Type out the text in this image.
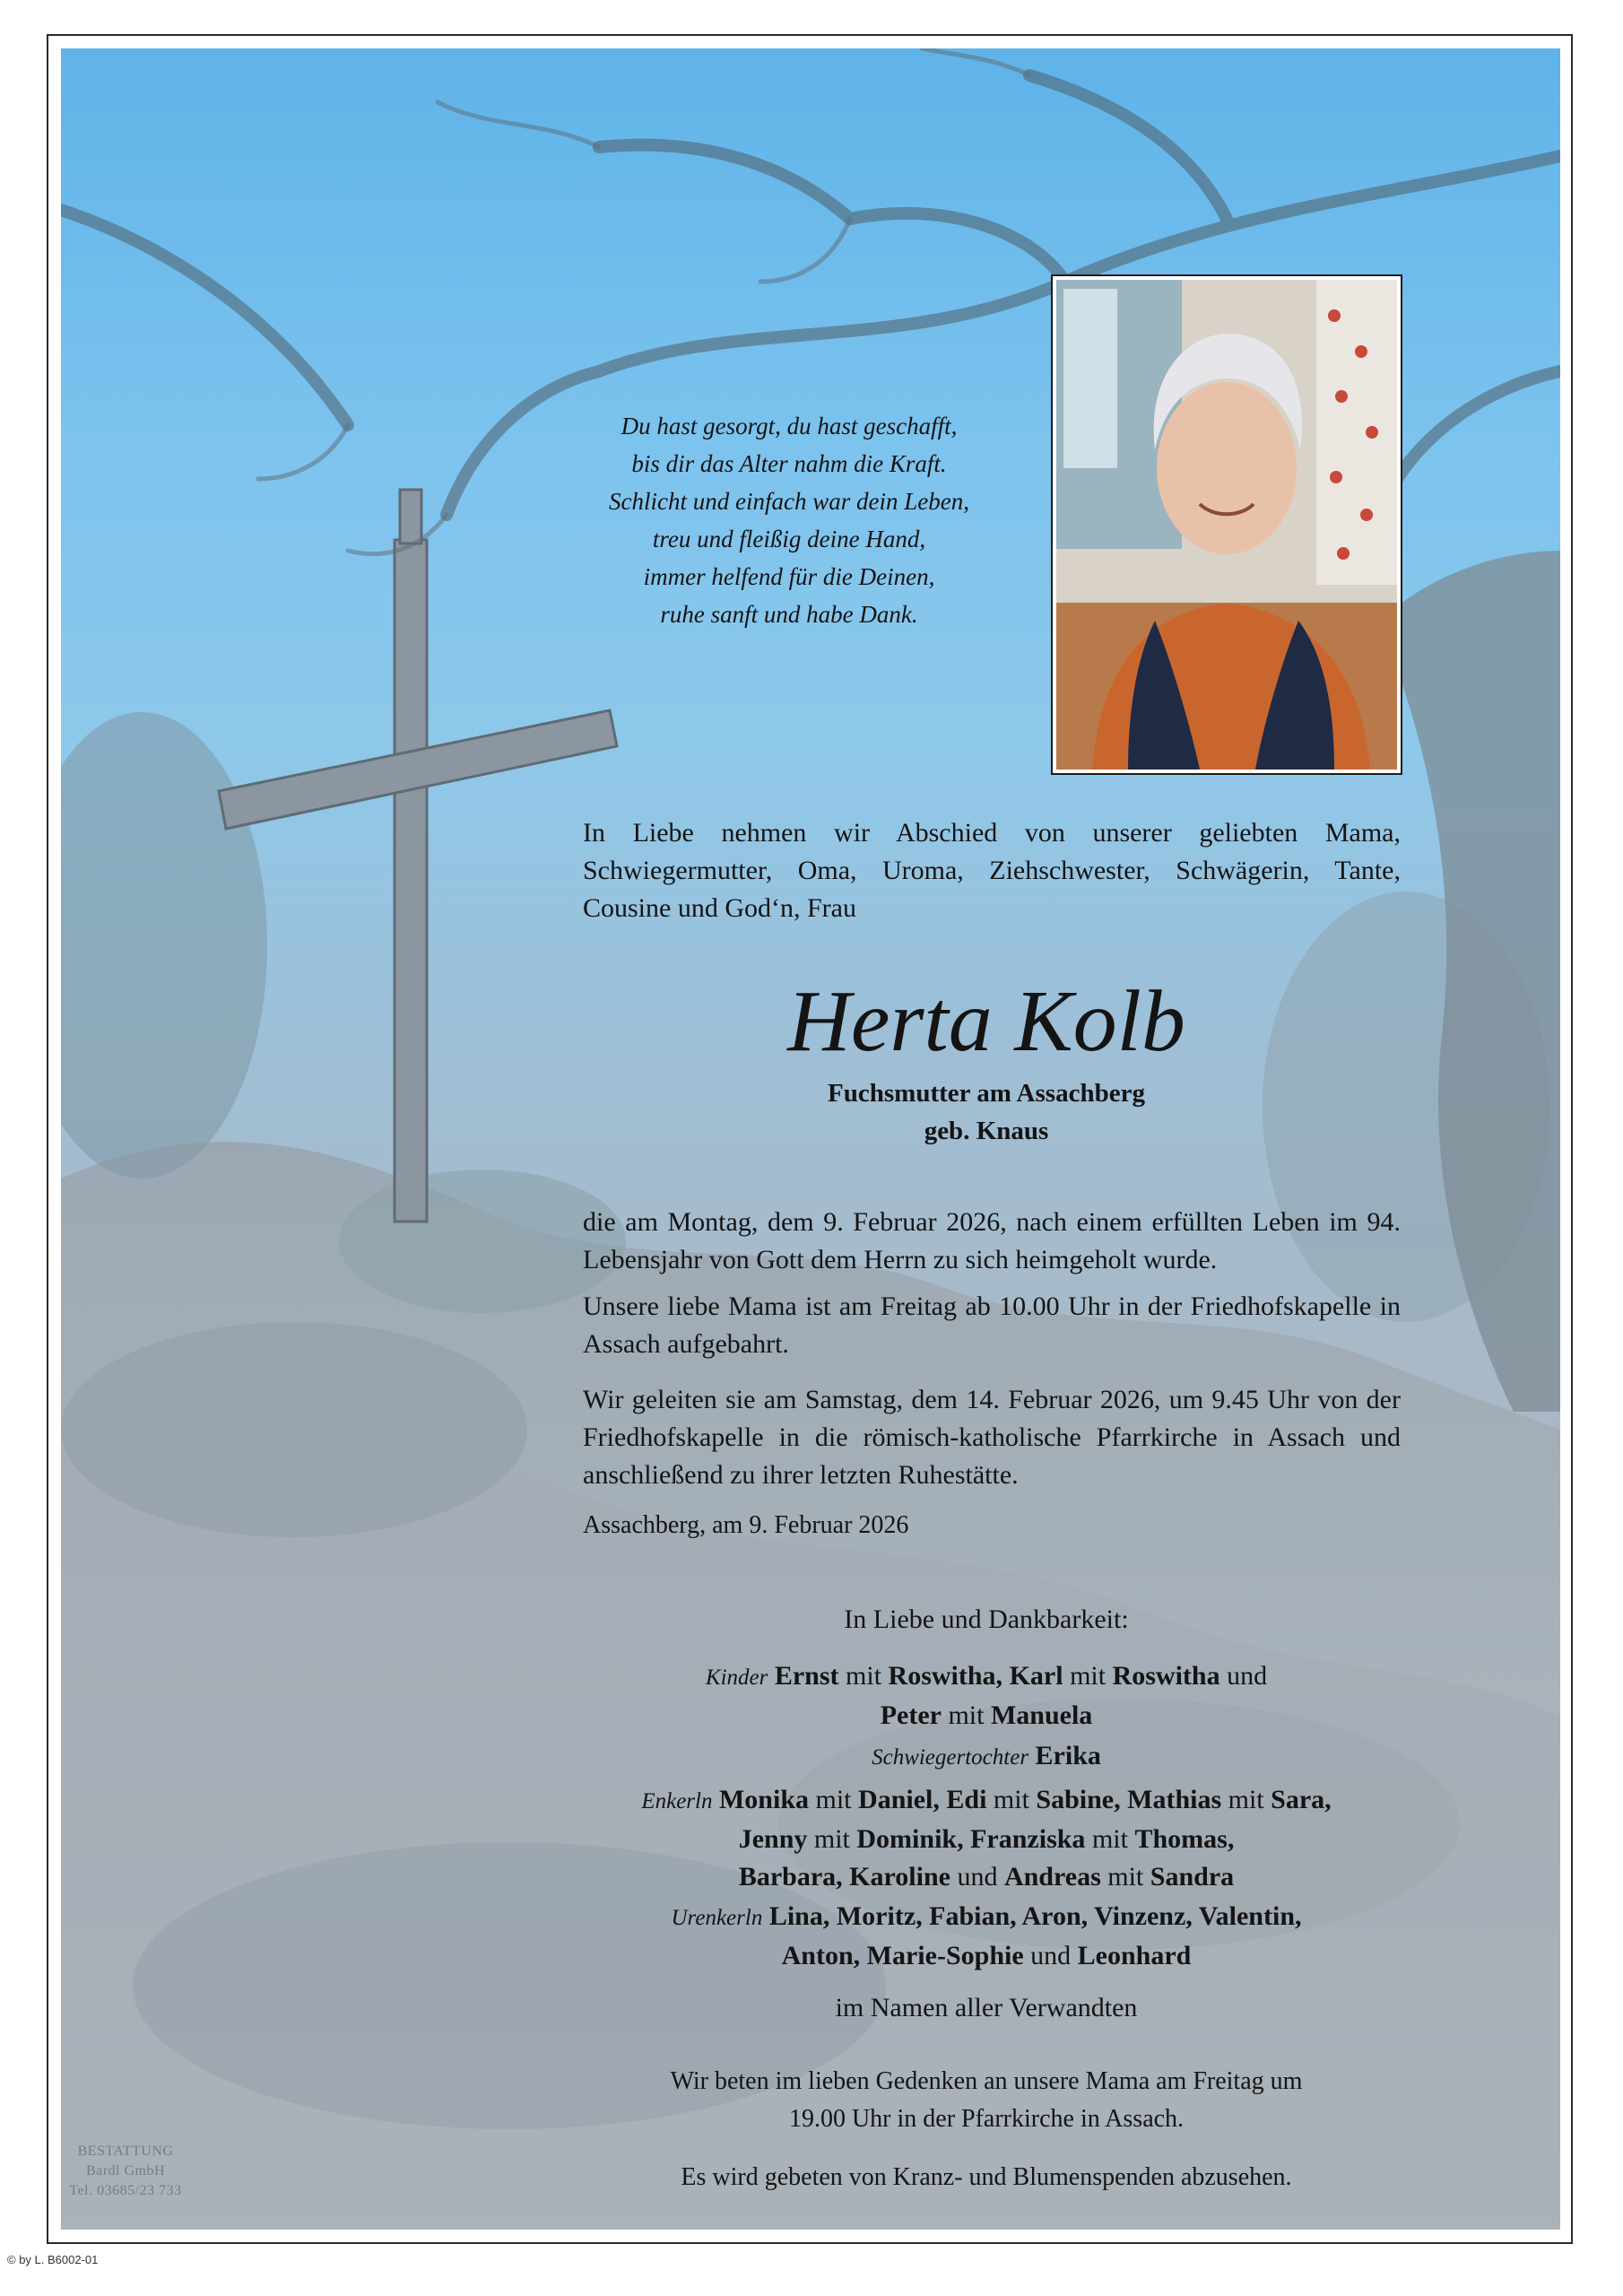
Du hast gesorgt, du hast geschafft,
bis dir das Alter nahm die Kraft.
Schlicht und einfach war dein Leben,
treu und fleißig deine Hand,
immer helfend für die Deinen,
ruhe sanft und habe Dank.
In Liebe nehmen wir Abschied von unserer geliebten Mama, Schwiegermutter, Oma, Uroma, Ziehschwester, Schwägerin, Tante, Cousine und God‘n, Frau
Herta Kolb
Fuchsmutter am Assachberg
geb. Knaus
die am Montag, dem 9. Februar 2026, nach einem erfüllten Leben im 94. Lebensjahr von Gott dem Herrn zu sich heimgeholt wurde.
Unsere liebe Mama ist am Freitag ab 10.00 Uhr in der Friedhofskapelle in Assach aufgebahrt.
Wir geleiten sie am Samstag, dem 14. Februar 2026, um 9.45 Uhr von der Friedhofskapelle in die römisch-katholische Pfarrkirche in Assach und anschließend zu ihrer letzten Ruhestätte.
Assachberg, am 9. Februar 2026
In Liebe und Dankbarkeit:
Kinder Ernst mit Roswitha, Karl mit Roswitha und
Peter mit Manuela
Schwiegertochter Erika
Enkerln Monika mit Daniel, Edi mit Sabine, Mathias mit Sara,
Jenny mit Dominik, Franziska mit Thomas,
Barbara, Karoline und Andreas mit Sandra
Urenkerln Lina, Moritz, Fabian, Aron, Vinzenz, Valentin,
Anton, Marie-Sophie und Leonhard
im Namen aller Verwandten
Wir beten im lieben Gedenken an unsere Mama am Freitag um
19.00 Uhr in der Pfarrkirche in Assach.
Es wird gebeten von Kranz- und Blumenspenden abzusehen.
BESTATTUNG
Bardl GmbH
Tel. 03685/23 733
© by L. B6002-01
